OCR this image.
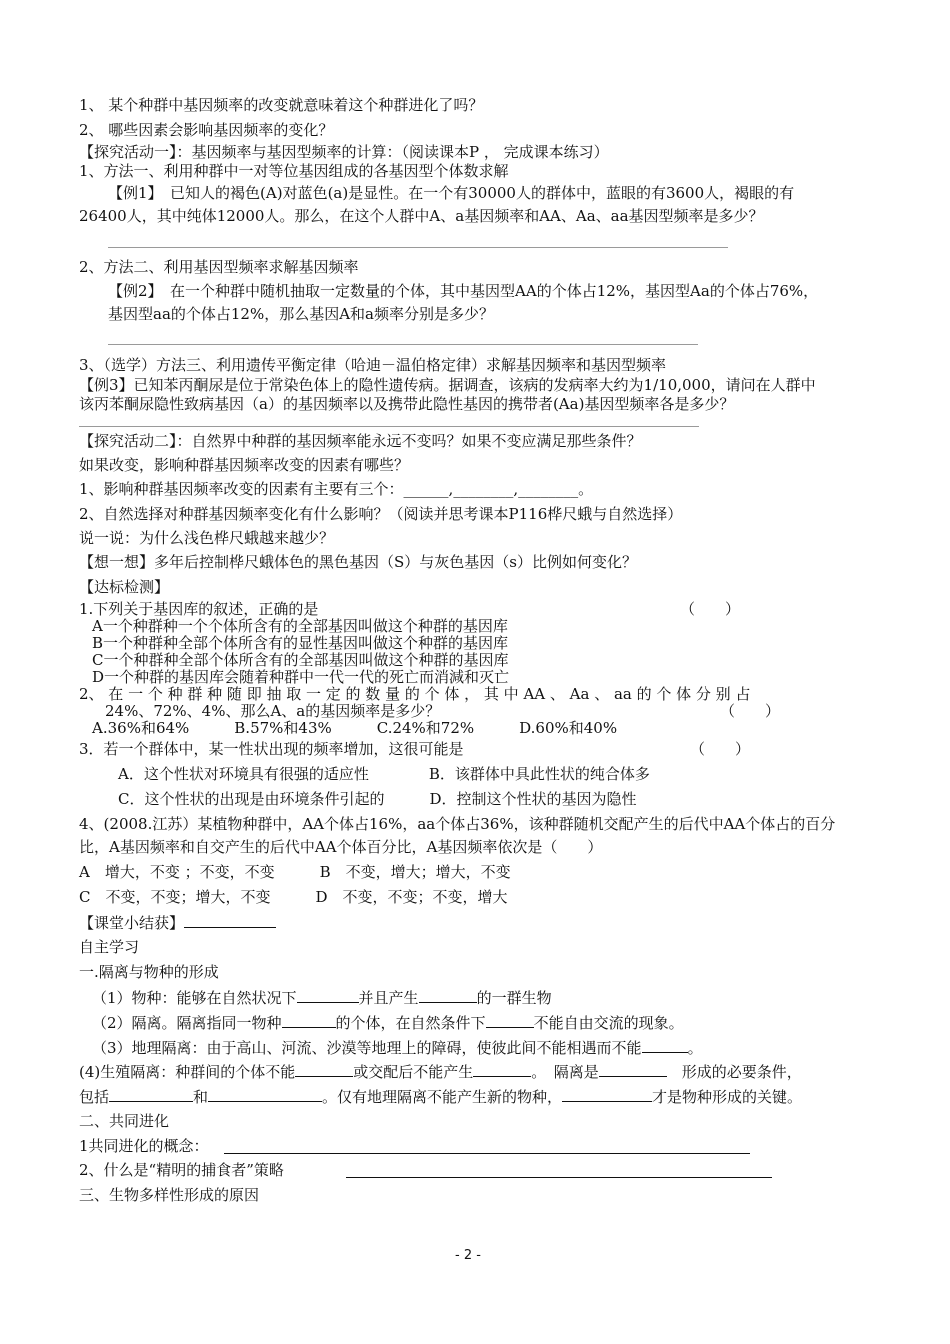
1、 某个种群中基因频率的改变就意味着这个种群进化了吗？
2、 哪些因素会影响基因频率的变化？
【探究活动一】：基因频率与基因型频率的计算：（阅读课本P ， 完成课本练习）
1、方法一、利用种群中一对等位基因组成的各基因型个体数求解
【例1】　已知人的褐色(A)对蓝色(a)是显性。在一个有30000人的群体中，蓝眼的有3600人，褐眼的有
26400人，其中纯体12000人。那么，在这个人群中A、a基因频率和AA、Aa、aa基因型频率是多少？
2、方法二、利用基因型频率求解基因频率
【例2】　在一个种群中随机抽取一定数量的个体，其中基因型AA的个体占12%，基因型Aa的个体占76%，
基因型aa的个体占12%，那么基因A和a频率分别是多少？
3、（选学）方法三、利用遗传平衡定律（哈迪－温伯格定律）求解基因频率和基因型频率
【例3】已知苯丙酮尿是位于常染色体上的隐性遗传病。据调查，该病的发病率大约为1/10,000，请问在人群中
该丙苯酮尿隐性致病基因（a）的基因频率以及携带此隐性基因的携带者(Aa)基因型频率各是多少？
【探究活动二】：自然界中种群的基因频率能永远不变吗？如果不变应满足那些条件？
如果改变，影响种群基因频率改变的因素有哪些？
1、影响种群基因频率改变的因素有主要有三个：______,________,________。
2、自然选择对种群基因频率变化有什么影响？（阅读并思考课本P116桦尺蛾与自然选择）
说一说：为什么浅色桦尺蛾越来越少？
【想一想】多年后控制桦尺蛾体色的黑色基因（S）与灰色基因（s）比例如何变化？
【达标检测】
1.下列关于基因库的叙述，正确的是	（　　）
A一个种群种一个个体所含有的全部基因叫做这个种群的基因库
B一个种群种全部个体所含有的显性基因叫做这个种群的基因库
C一个种群种全部个体所含有的全部基因叫做这个种群的基因库
D一个种群的基因库会随着种群中一代一代的死亡而消減和灭亡
2、 在 一 个 种 群 种 随 即 抽 取 一 定 的 数 量 的 个 体 ， 其 中 AA 、 Aa 、 aa 的 个 体 分 别 占
24%、72%、4%、那么A、a的基因频率是多少？	（　　）
A.36%和64%　　　B.57%和43%　　　C.24%和72%　　　D.60%和40%
3．若一个群体中，某一性状出现的频率增加，这很可能是	（　　）
A．这个性状对环境具有很强的适应性　　　　B．该群体中具此性状的纯合体多
C．这个性状的出现是由环境条件引起的　　　D．控制这个性状的基因为隐性
4、(2008.江苏）某植物种群中，AA个体占16%，aa个体占36%，该种群随机交配产生的后代中AA个体占的百分
比，A基因频率和自交产生的后代中AA个体百分比，A基因频率依次是（　　）
A　增大，不变 ；不变，不变　　　B　不变，增大；增大，不变
C　不变，不变；增大，不变　　　D　不变，不变；不变，增大
【课堂小结获】
自主学习
一.隔离与物种的形成
（1）物种：能够在自然状况下	并且产生	的一群生物
（2）隔离。隔离指同一物种	的个体，在自然条件下	不能自由交流的现象。
（3）地理隔离：由于高山、河流、沙漠等地理上的障碍，使彼此间不能相遇而不能	。
(4)生殖隔离：种群间的个体不能	或交配后不能产生	。　隔离是	　形成的必要条件，
包括	和	。仅有地理隔离不能产生新的物种，	才是物种形成的关键。
二、共同进化
1共同进化的概念：
2、什么是“精明的捕食者”策略
三、生物多样性形成的原因
- 2 -
